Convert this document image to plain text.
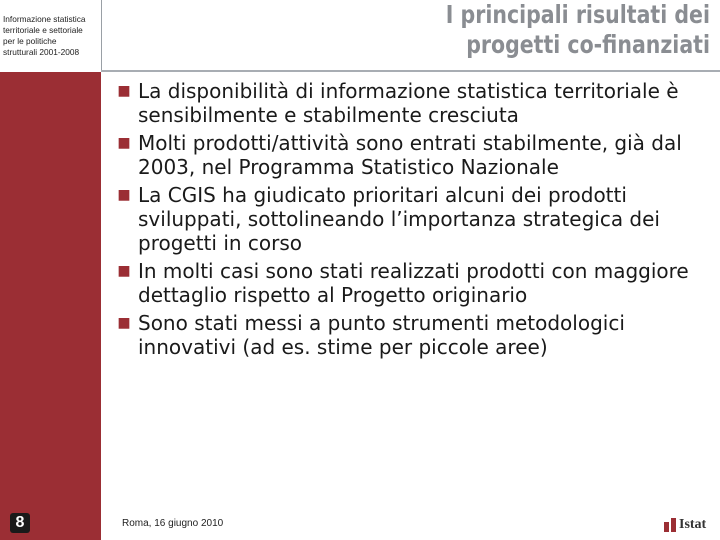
Informazione statistica
territoriale e settoriale
per le politiche
strutturali 2001-2008
I principali risultati dei
progetti co-finanziati
■ La disponibilità di informazione statistica territoriale è sensibilmente e stabilmente cresciuta
■ Molti prodotti/attività sono entrati stabilmente, già dal 2003, nel Programma Statistico Nazionale
■ La CGIS ha giudicato prioritari alcuni dei prodotti sviluppati, sottolineando l’importanza strategica dei progetti in corso
■ In molti casi sono stati realizzati prodotti con maggiore dettaglio rispetto al Progetto originario
■ Sono stati messi a punto strumenti metodologici innovativi (ad es. stime per piccole aree)
8	Roma, 16 giugno 2010	Istat
